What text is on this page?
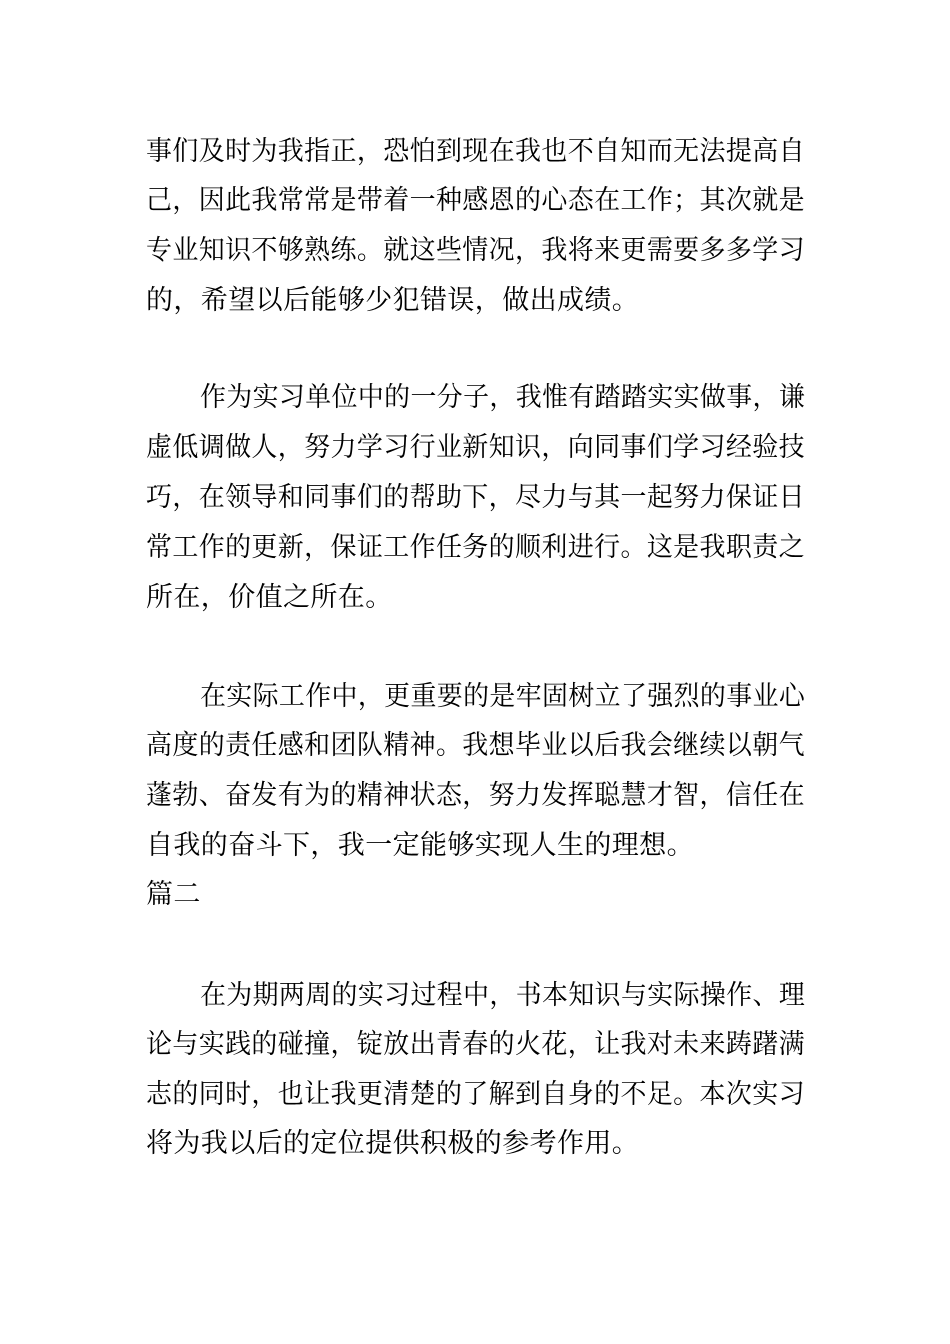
事们及时为我指正，恐怕到现在我也不自知而无法提高自
己，因此我常常是带着一种感恩的心态在工作；其次就是
专业知识不够熟练。就这些情况，我将来更需要多多学习
的，希望以后能够少犯错误，做出成绩。
作为实习单位中的一分子，我惟有踏踏实实做事，谦
虚低调做人，努力学习行业新知识，向同事们学习经验技
巧，在领导和同事们的帮助下，尽力与其一起努力保证日
常工作的更新，保证工作任务的顺利进行。这是我职责之
所在，价值之所在。
在实际工作中，更重要的是牢固树立了强烈的事业心
高度的责任感和团队精神。我想毕业以后我会继续以朝气
蓬勃、奋发有为的精神状态，努力发挥聪慧才智，信任在
自我的奋斗下，我一定能够实现人生的理想。
篇二
在为期两周的实习过程中，书本知识与实际操作、理
论与实践的碰撞，锭放出青春的火花，让我对未来踌躇满
志的同时，也让我更清楚的了解到自身的不足。本次实习
将为我以后的定位提供积极的参考作用。
